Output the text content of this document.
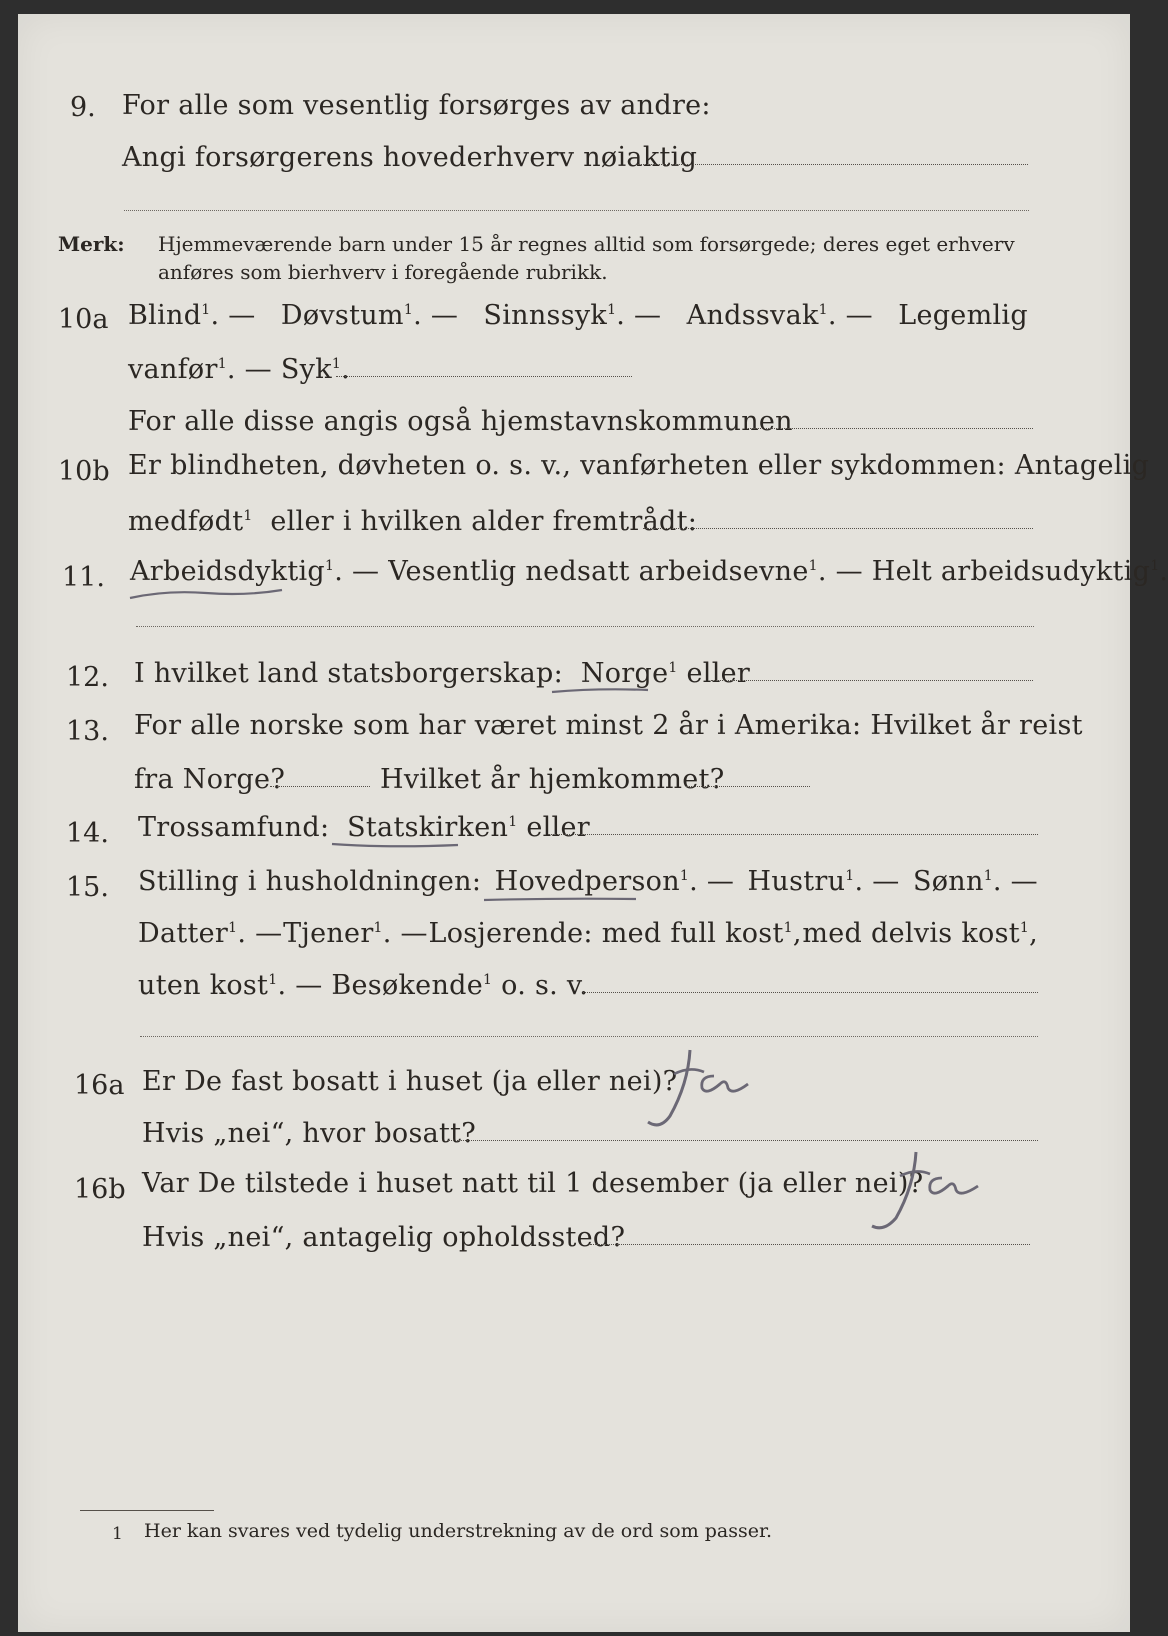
9. For alle som vesentlig forsørges av andre:
Angi forsørgerens hovederhverv nøiaktig
Merk: Hjemmeværende barn under 15 år regnes alltid som forsørgede; deres eget erhverv
anføres som bierhverv i foregående rubrikk.
10a Blind$^1$. — Døvstum$^1$. — Sinnssyk$^1$. — Andssvak$^1$. — Legemlig
vanfør$^1$. — Syk$^1$.
For alle disse angis også hjemstavnskommunen
10b Er blindheten, døvheten o. s. v., vanførheten eller sykdommen: Antagelig
medfødt$^1$ eller i hvilken alder fremtrådt:
11. Arbeidsdyktig$^1$. — Vesentlig nedsatt arbeidsevne$^1$. — Helt arbeidsudyktig$^1$.
12. I hvilket land statsborgerskap: Norge$^1$ eller
13. For alle norske som har været minst 2 år i Amerika: Hvilket år reist
fra Norge?	Hvilket år hjemkommet?
14. Trossamfund: Statskirken$^1$ eller
15. Stilling i husholdningen: Hovedperson$^1$. — Hustru$^1$. — Sønn$^1$. —
Datter$^1$. — Tjener$^1$. — Losjerende: med full kost$^1$, med delvis kost$^1$,
uten kost$^1$. — Besøkende$^1$ o. s. v.
16a Er De fast bosatt i huset (ja eller nei)?
Hvis „nei“, hvor bosatt?
16b Var De tilstede i huset natt til 1 desember (ja eller nei)?
Hvis „nei“, antagelig opholdssted?
1 Her kan svares ved tydelig understrekning av de ord som passer.
